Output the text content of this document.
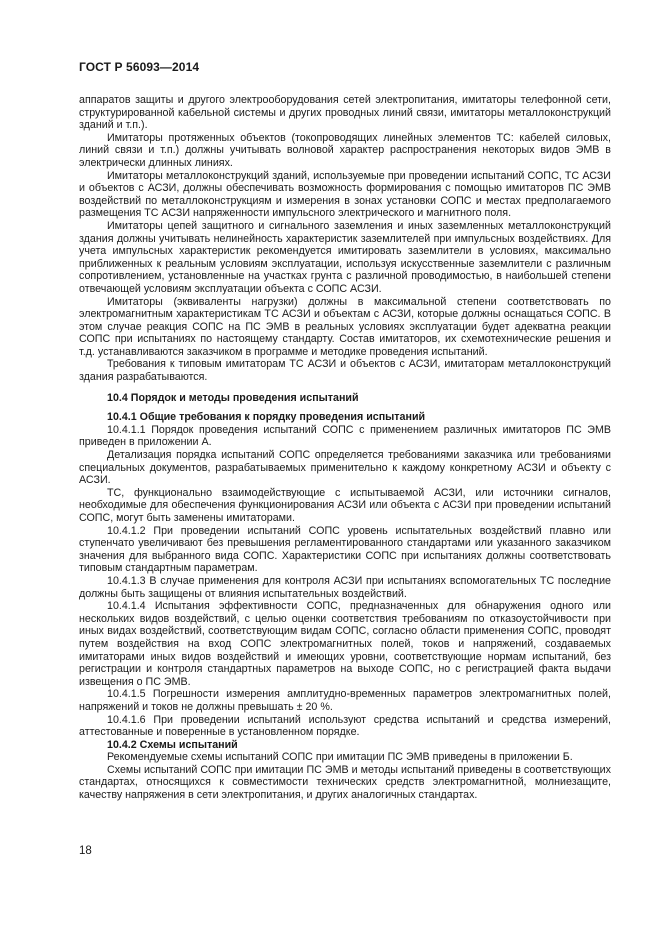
ГОСТ Р 56093—2014

аппаратов защиты и другого электрооборудования сетей электропитания, имитаторы телефонной сети, структурированной кабельной системы и других проводных линий связи, имитаторы металлоконструкций зданий и т.п.).

Имитаторы протяженных объектов (токопроводящих линейных элементов ТС: кабелей силовых, линий связи и т.п.) должны учитывать волновой характер распространения некоторых видов ЭМВ в электрически длинных линиях.

Имитаторы металлоконструкций зданий, используемые при проведении испытаний СОПС, ТС АСЗИ и объектов с АСЗИ, должны обеспечивать возможность формирования с помощью имитаторов ПС ЭМВ воздействий по металлоконструкциям и измерения в зонах установки СОПС и местах предполагаемого размещения ТС АСЗИ напряженности импульсного электрического и магнитного поля.

Имитаторы цепей защитного и сигнального заземления и иных заземленных металлоконструкций здания должны учитывать нелинейность характеристик заземлителей при импульсных воздействиях. Для учета импульсных характеристик рекомендуется имитировать заземлители в условиях, максимально приближенных к реальным условиям эксплуатации, используя искусственные заземлители с различным сопротивлением, установленные на участках грунта с различной проводимостью, в наибольшей степени отвечающей условиям эксплуатации объекта с СОПС АСЗИ.

Имитаторы (эквиваленты нагрузки) должны в максимальной степени соответствовать по электромагнитным характеристикам ТС АСЗИ и объектам с АСЗИ, которые должны оснащаться СОПС. В этом случае реакция СОПС на ПС ЭМВ в реальных условиях эксплуатации будет адекватна реакции СОПС при испытаниях по настоящему стандарту. Состав имитаторов, их схемотехнические решения и т.д. устанавливаются заказчиком в программе и методике проведения испытаний.

Требования к типовым имитаторам ТС АСЗИ и объектов с АСЗИ, имитаторам металлоконструкций здания разрабатываются.

10.4 Порядок и методы проведения испытаний

10.4.1 Общие требования к порядку проведения испытаний

10.4.1.1 Порядок проведения испытаний СОПС с применением различных имитаторов ПС ЭМВ приведен в приложении А.

Детализация порядка испытаний СОПС определяется требованиями заказчика или требованиями специальных документов, разрабатываемых применительно к каждому конкретному АСЗИ и объекту с АСЗИ.

ТС, функционально взаимодействующие с испытываемой АСЗИ, или источники сигналов, необходимые для обеспечения функционирования АСЗИ или объекта с АСЗИ при проведении испытаний СОПС, могут быть заменены имитаторами.

10.4.1.2 При проведении испытаний СОПС уровень испытательных воздействий плавно или ступенчато увеличивают без превышения регламентированного стандартами или указанного заказчиком значения для выбранного вида СОПС. Характеристики СОПС при испытаниях должны соответствовать типовым стандартным параметрам.

10.4.1.3 В случае применения для контроля АСЗИ при испытаниях вспомогательных ТС последние должны быть защищены от влияния испытательных воздействий.

10.4.1.4 Испытания эффективности СОПС, предназначенных для обнаружения одного или нескольких видов воздействий, с целью оценки соответствия требованиям по отказоустойчивости при иных видах воздействий, соответствующим видам СОПС, согласно области применения СОПС, проводят путем воздействия на вход СОПС электромагнитных полей, токов и напряжений, создаваемых имитаторами иных видов воздействий и имеющих уровни, соответствующие нормам испытаний, без регистрации и контроля стандартных параметров на выходе СОПС, но с регистрацией факта выдачи извещения о ПС ЭМВ.

10.4.1.5 Погрешности измерения амплитудно-временных параметров электромагнитных полей, напряжений и токов не должны превышать ± 20 %.

10.4.1.6 При проведении испытаний используют средства испытаний и средства измерений, аттестованные и поверенные в установленном порядке.

10.4.2 Схемы испытаний

Рекомендуемые схемы испытаний СОПС при имитации ПС ЭМВ приведены в приложении Б.

Схемы испытаний СОПС при имитации ПС ЭМВ и методы испытаний приведены в соответствующих стандартах, относящихся к совместимости технических средств электромагнитной, молниезащите, качеству напряжения в сети электропитания, и других аналогичных стандартах.

18
